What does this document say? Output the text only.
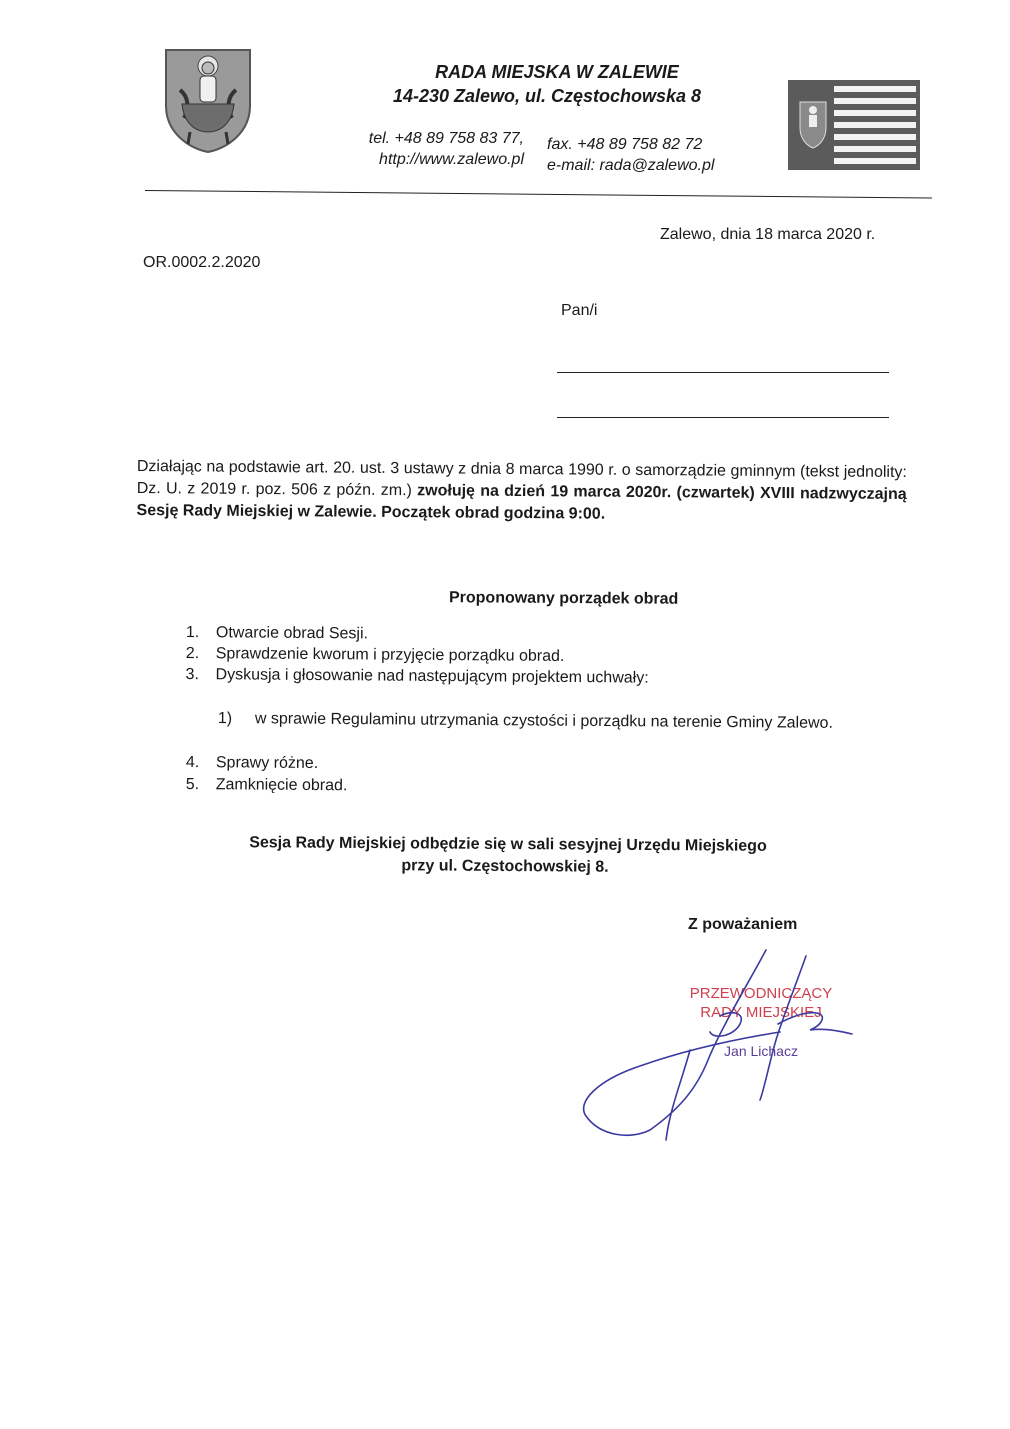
RADA MIEJSKA W ZALEWIE
14-230 Zalewo, ul. Częstochowska 8
tel. +48 89 758 83 77,
http://www.zalewo.pl
fax. +48 89 758 82 72
e-mail: rada@zalewo.pl
Zalewo, dnia 18 marca 2020 r.
OR.0002.2.2020
Pan/i
Działając na podstawie art. 20. ust. 3 ustawy z dnia 8 marca 1990 r. o samorządzie gminnym (tekst jednolity: Dz. U. z 2019 r. poz. 506 z późn. zm.) zwołuję na dzień 19 marca 2020r. (czwartek) XVIII nadzwyczajną Sesję Rady Miejskiej w Zalewie. Początek obrad godzina 9:00.
Proponowany porządek obrad
1. Otwarcie obrad Sesji.
2. Sprawdzenie kworum i przyjęcie porządku obrad.
3. Dyskusja i głosowanie nad następującym projektem uchwały:
1) w sprawie Regulaminu utrzymania czystości i porządku na terenie Gminy Zalewo.
4. Sprawy różne.
5. Zamknięcie obrad.
Sesja Rady Miejskiej odbędzie się w sali sesyjnej Urzędu Miejskiego
przy ul. Częstochowskiej 8.
Z poważaniem
PRZEWODNICZĄCY
RADY MIEJSKIEJ
Jan Lichacz
